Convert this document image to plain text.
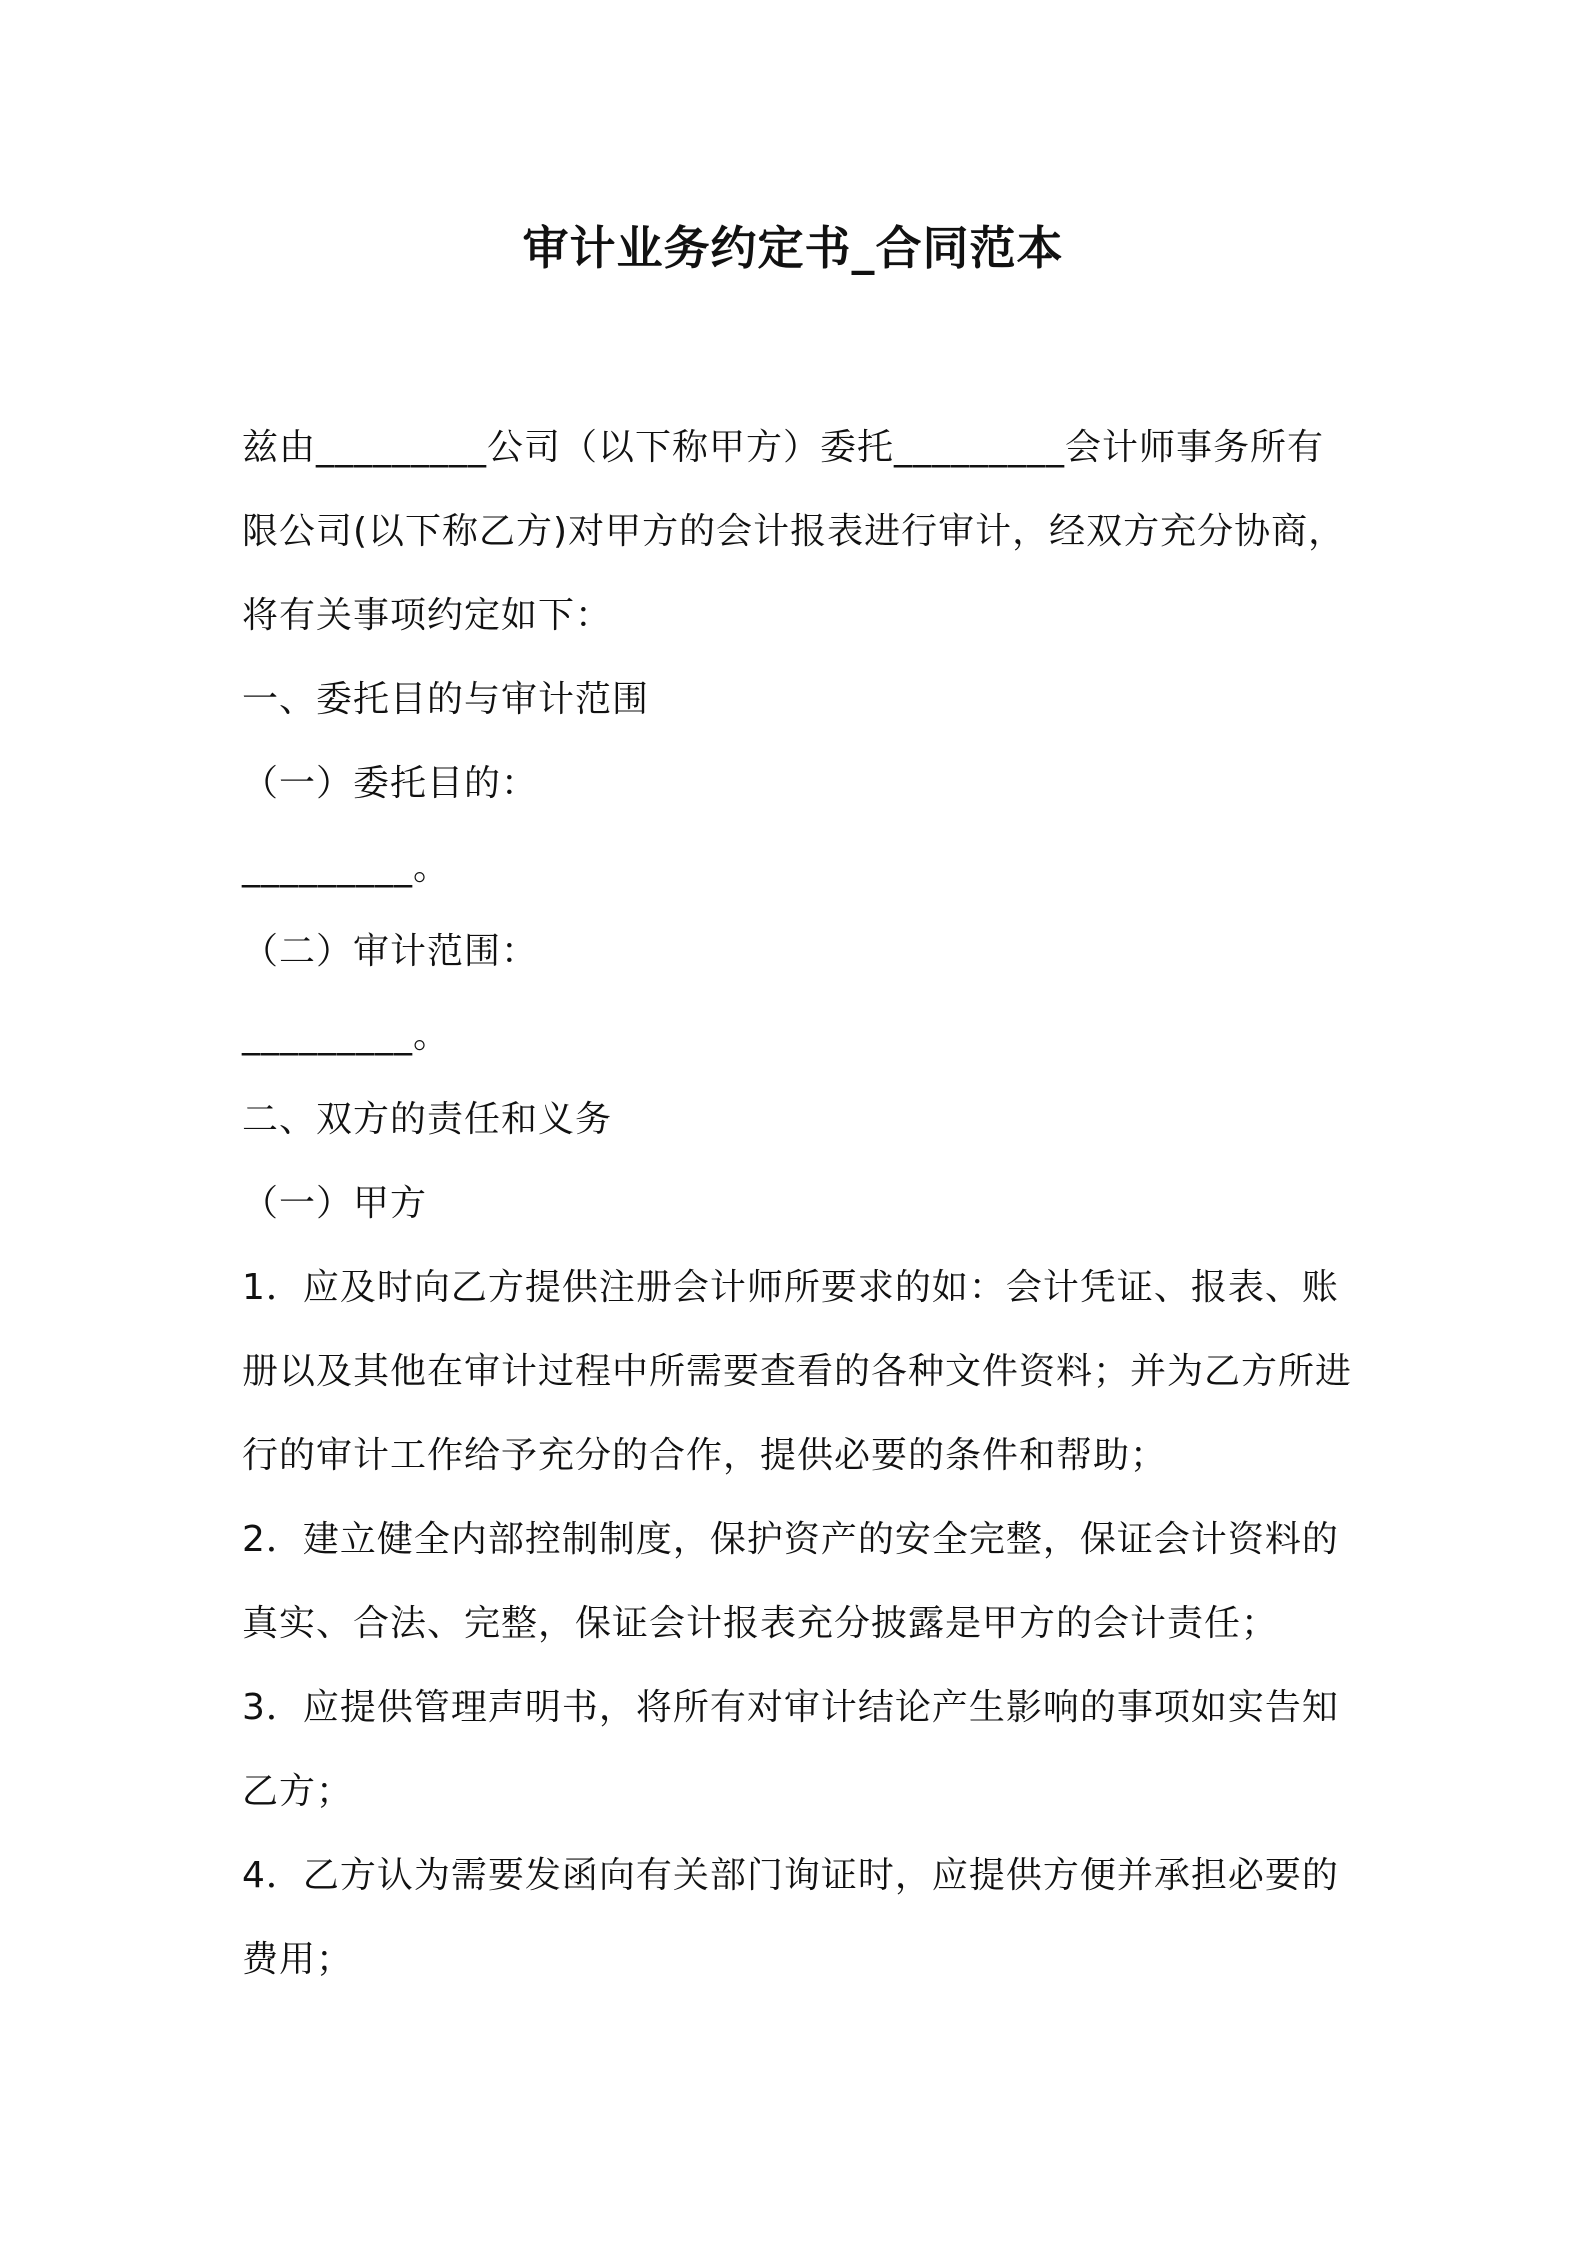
审计业务约定书_合同范本
兹由_________公司（以下称甲方）委托_________会计师事务所有
限公司(以下称乙方)对甲方的会计报表进行审计，经双方充分协商，
将有关事项约定如下：
一、委托目的与审计范围
（一）委托目的：
_________。
（二）审计范围：
_________。
二、双方的责任和义务
（一）甲方
1．应及时向乙方提供注册会计师所要求的如：会计凭证、报表、账
册以及其他在审计过程中所需要查看的各种文件资料；并为乙方所进
行的审计工作给予充分的合作，提供必要的条件和帮助；
2．建立健全内部控制制度，保护资产的安全完整，保证会计资料的
真实、合法、完整，保证会计报表充分披露是甲方的会计责任；
3．应提供管理声明书，将所有对审计结论产生影响的事项如实告知
乙方；
4．乙方认为需要发函向有关部门询证时，应提供方便并承担必要的
费用；
